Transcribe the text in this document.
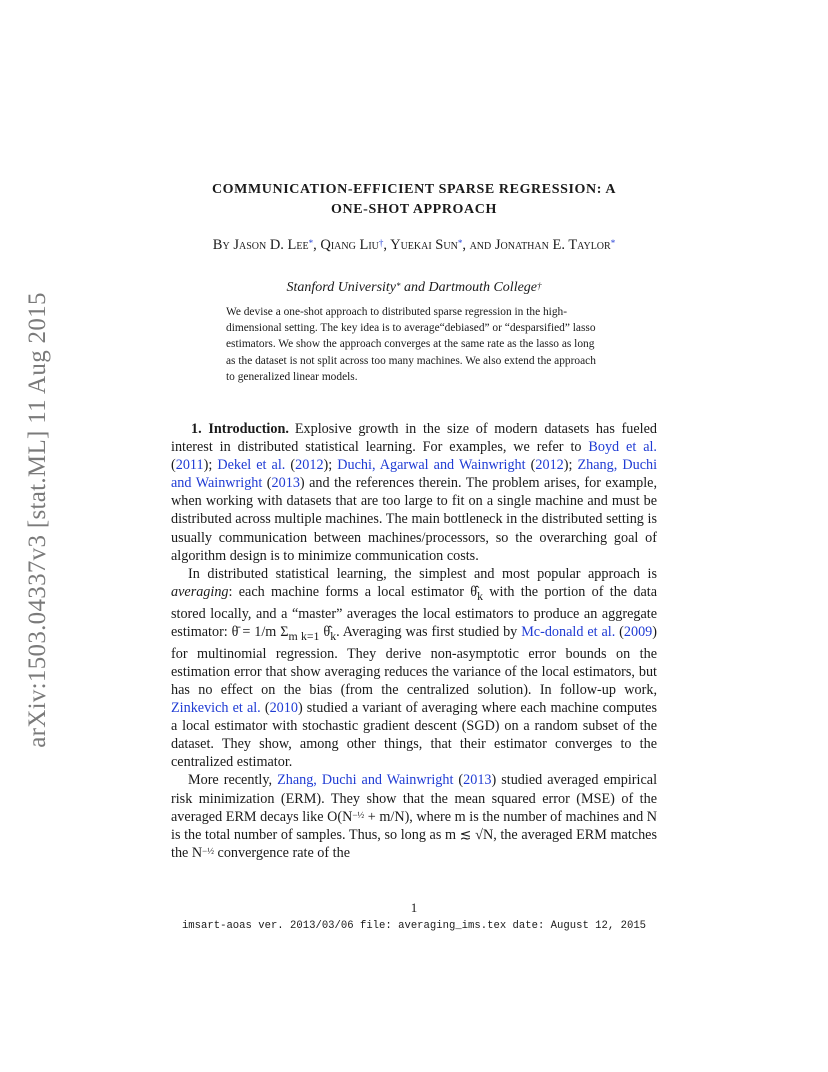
arXiv:1503.04337v3 [stat.ML] 11 Aug 2015
COMMUNICATION-EFFICIENT SPARSE REGRESSION: A
ONE-SHOT APPROACH
By Jason D. Lee*, Qiang Liu†, Yuekai Sun*, and Jonathan E. Taylor*
Stanford University* and Dartmouth College†
We devise a one-shot approach to distributed sparse regression in the high-dimensional setting. The key idea is to average“debiased” or “desparsified” lasso estimators. We show the approach converges at the same rate as the lasso as long as the dataset is not split across too many machines. We also extend the approach to generalized linear models.

1. Introduction. Explosive growth in the size of modern datasets has fueled interest in distributed statistical learning. For examples, we refer to Boyd et al. (2011); Dekel et al. (2012); Duchi, Agarwal and Wainwright (2012); Zhang, Duchi and Wainwright (2013) and the references therein. The problem arises, for example, when working with datasets that are too large to fit on a single machine and must be distributed across multiple machines. The main bottleneck in the distributed setting is usually communication between machines/processors, so the overarching goal of algorithm design is to minimize communication costs.

In distributed statistical learning, the simplest and most popular approach is averaging: each machine forms a local estimator $\thetâ_k$ with the portion of the data stored locally, and a “master” averages the local estimators to produce an aggregate estimator: θ̄ = 1/m $\Sigma_{m k=1}$ $\thetâ_k$. Averaging was first studied by Mc-donald et al. (2009) for multinomial regression. They derive non-asymptotic error bounds on the estimation error that show averaging reduces the variance of the local estimators, but has no effect on the bias (from the centralized solution). In follow-up work, Zinkevich et al. (2010) studied a variant of averaging where each machine computes a local estimator with stochastic gradient descent (SGD) on a random subset of the dataset. They show, among other things, that their estimator converges to the centralized estimator.

More recently, Zhang, Duchi and Wainwright (2013) studied averaged empirical risk minimization (ERM). They show that the mean squared error (MSE) of the averaged ERM decays like $O(N^{-\frac{1}{2}} + m/N)$, where m is the number of machines and N is the total number of samples. Thus, so long as m ≲ √N, the averaged ERM matches the $N^{-\frac{1}{2}}$ convergence rate of the

1
imsart-aoas ver. 2013/03/06 file: averaging_ims.tex date: August 12, 2015
